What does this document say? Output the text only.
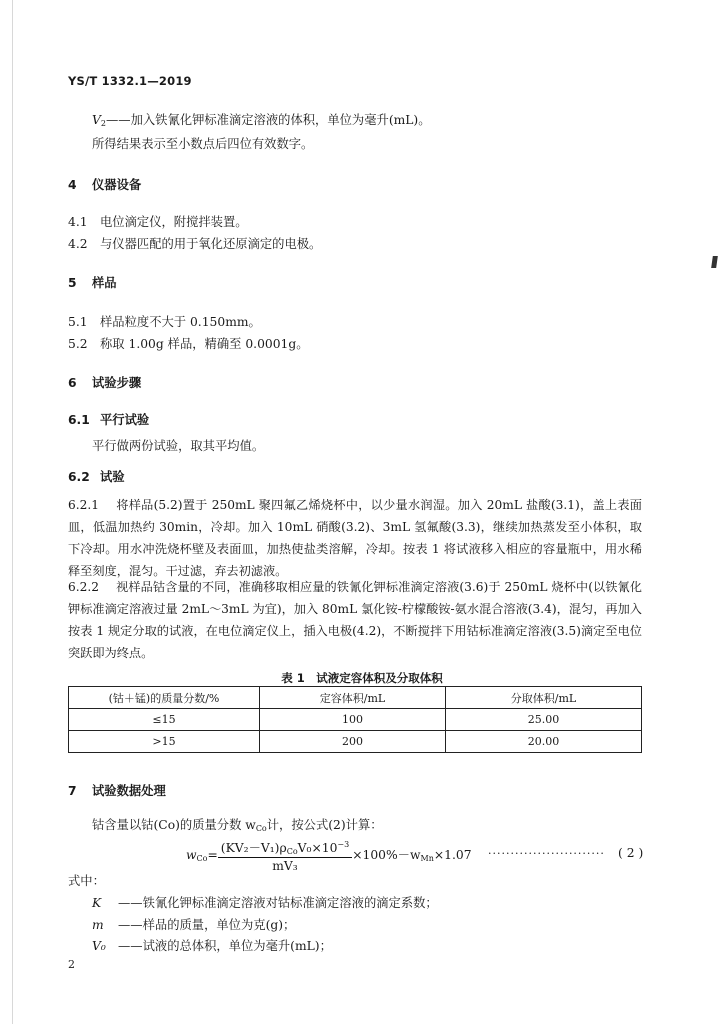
YS/T 1332.1—2019
$V_2——$加入铁氰化钾标准滴定溶液的体积，单位为毫升(mL)。
所得结果表示至小数点后四位有效数字。
4 仪器设备
4.1 电位滴定仪，附搅拌装置。
4.2 与仪器匹配的用于氧化还原滴定的电极。
5 样品
5.1 样品粒度不大于 0.150mm。
5.2 称取 1.00g 样品，精确至 0.0001g。
6 试验步骤
6.1 平行试验
平行做两份试验，取其平均值。
6.2 试验
6.2.1 将样品(5.2)置于 250mL 聚四氟乙烯烧杯中，以少量水润湿。加入 20mL 盐酸(3.1)，盖上表面皿，低温加热约 30min，冷却。加入 10mL 硝酸(3.2)、3mL 氢氟酸(3.3)，继续加热蒸发至小体积，取下冷却。用水冲洗烧杯壁及表面皿，加热使盐类溶解，冷却。按表 1 将试液移入相应的容量瓶中，用水稀释至刻度，混匀。干过滤，弃去初滤液。
6.2.2 视样品钴含量的不同，准确移取相应量的铁氰化钾标准滴定溶液(3.6)于 250mL 烧杯中(以铁氰化钾标准滴定溶液过量 2mL～3mL 为宜)，加入 80mL 氯化铵-柠檬酸铵-氨水混合溶液(3.4)，混匀，再加入按表 1 规定分取的试液，在电位滴定仪上，插入电极(4.2)，不断搅拌下用钴标准滴定溶液(3.5)滴定至电位突跃即为终点。
表 1　试液定容体积及分取体积
(钴＋锰)的质量分数/%	定容体积/mL	分取体积/mL
≤15	100	25.00
>15	200	20.00
7 试验数据处理
钴含量以钴(Co)的质量分数 $w_{Co}$计，按公式(2)计算：
$w_{Co}= \frac{(KV_2-V_1)\rho_{Co}V_0\times 10^{-3}}{\text{mV₃}} \times 100\%-w_{Mn}\times 1.07$ ·························· ( 2 )
式中：
K ——铁氰化钾标准滴定溶液对钴标准滴定溶液的滴定系数；
m ——样品的质量，单位为克(g)；
V₀ ——试液的总体积，单位为毫升(mL)；
2
